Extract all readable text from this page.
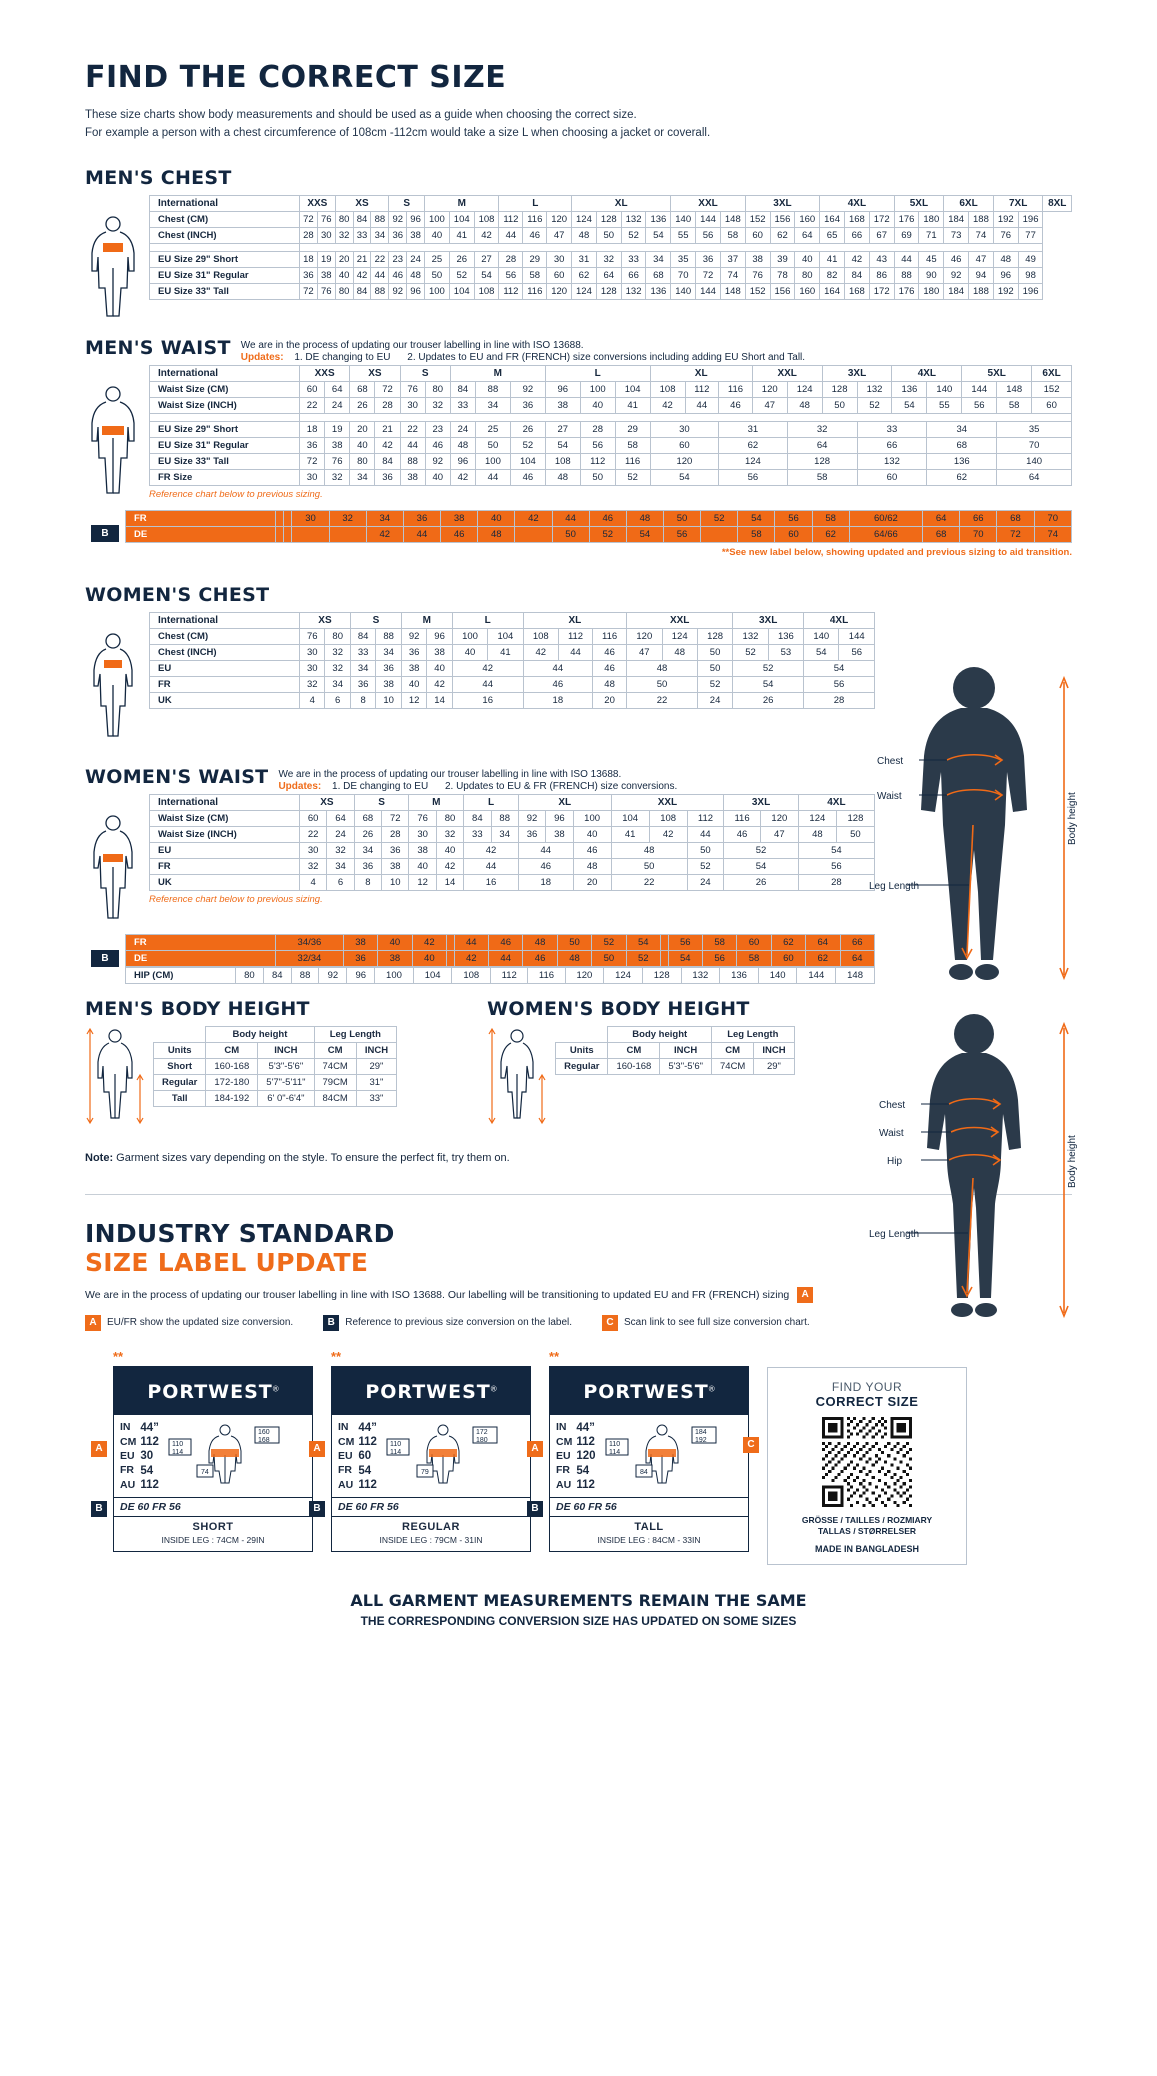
FIND THE CORRECT SIZE
These size charts show body measurements and should be used as a guide when choosing the correct size.
For example a person with a chest circumference of 108cm -112cm would take a size L when choosing a jacket or coverall.
MEN'S CHEST
International	XXS		XS			S		M			L			XL				XXL			3XL			4XL			5XL		6XL		7XL		8XL
Chest (CM)	72	76	80	84	88	92	96	100	104	108	112	116	120	124	128	132	136	140	144	148	152	156	160	164	168	172	176	180	184	188	192	196	
Chest (INCH)	28	30	32	33	34	36	38	40	41	42	44	46	47	48	50	52	54	55	56	58	60	62	64	65	66	67	69	71	73	74	76	77	

EU Size 29" Short	18	19	20	21	22	23	24	25	26	27	28	29	30	31	32	33	34	35	36	37	38	39	40	41	42	43	44	45	46	47	48	49	
EU Size 31" Regular	36	38	40	42	44	46	48	50	52	54	56	58	60	62	64	66	68	70	72	74	76	78	80	82	84	86	88	90	92	94	96	98	
EU Size 33" Tall	72	76	80	84	88	92	96	100	104	108	112	116	120	124	128	132	136	140	144	148	152	156	160	164	168	172	176	180	184	188	192	196	
MEN'S WAIST We are in the process of updating our trouser labelling in line with ISO 13688.
Updates: 1. DE changing to EU 2. Updates to EU and FR (FRENCH) size conversions including adding EU Short and Tall.
International	XXS		XS		S		M			L			XL			XXL		3XL		4XL		5XL		6XL
Waist Size (CM)	60	64	68	72	76	80	84	88	92	96	100	104	108	112	116	120	124	128	132	136	140	144	148	152
Waist Size (INCH)	22	24	26	28	30	32	33	34	36	38	40	41	42	44	46	47	48	50	52	54	55	56	58	60

EU Size 29" Short	18	19	20	21	22	23	24	25	26	27	28	29	30		31		32		33		34		35	
EU Size 31" Regular	36	38	40	42	44	46	48	50	52	54	56	58	60		62		64		66		68		70	
EU Size 33" Tall	72	76	80	84	88	92	96	100	104	108	112	116	120		124		128		132		136		140	
FR Size	30	32	34	36	38	40	42	44	46	48	50	52	54		56		58		60		62		64	
Reference chart below to previous sizing.
B
FR			30	32	34	36	38	40	42	44	46	48	50	52	54	56	58	60/62	64	66	68	70
DE					42	44	46	48		50	52	54	56		58	60	62	64/66	68	70	72	74
**See new label below, showing updated and previous sizing to aid transition.
WOMEN'S CHEST
International	XS		S		M		L		XL			XXL			3XL		4XL	
Chest (CM)	76	80	84	88	92	96	100	104	108	112	116	120	124	128	132	136	140	144
Chest (INCH)	30	32	33	34	36	38	40	41	42	44	46	47	48	50	52	53	54	56
EU	30	32	34	36	38	40	42		44		46	48		50	52		54	
FR	32	34	36	38	40	42	44		46		48	50		52	54		56	
UK	4	6	8	10	12	14	16		18		20	22		24	26		28	
WOMEN'S WAIST We are in the process of updating our trouser labelling in line with ISO 13688.
Updates: 1. DE changing to EU 2. Updates to EU & FR (FRENCH) size conversions.
International	XS		S		M		L		XL			XXL			3XL		4XL	
Waist Size (CM)	60	64	68	72	76	80	84	88	92	96	100	104	108	112	116	120	124	128
Waist Size (INCH)	22	24	26	28	30	32	33	34	36	38	40	41	42	44	46	47	48	50
EU	30	32	34	36	38	40	42		44		46	48		50	52		54	
FR	32	34	36	38	40	42	44		46		48	50		52	54		56	
UK	4	6	8	10	12	14	16		18		20	22		24	26		28	
Reference chart below to previous sizing.
B
FR	34/36	38	40	42		44	46	48	50	52	54		56	58	60	62	64	66
DE	32/34	36	38	40		42	44	46	48	50	52		54	56	58	60	62	64
HIP (CM)	80	84	88	92	96	100	104	108	112	116	120	124	128	132	136	140	144	148
MEN'S BODY HEIGHT
	Body height		Leg Length	
Units	CM	INCH	CM	INCH
Short	160-168	5'3"-5'6"	74CM	29"
Regular	172-180	5'7"-5'11"	79CM	31"
Tall	184-192	6' 0"-6'4"	84CM	33"
WOMEN'S BODY HEIGHT
	Body height		Leg Length	
Units	CM	INCH	CM	INCH
Regular	160-168	5'3"-5'6"	74CM	29"
Note: Garment sizes vary depending on the style. To ensure the perfect fit, try them on.
Chest
Waist
Leg Length
Body height
Chest
Waist
Hip
Leg Length
Body height
INDUSTRY STANDARD
SIZE LABEL UPDATE
We are in the process of updating our trouser labelling in line with ISO 13688. Our labelling will be transitioning to updated EU and FR (FRENCH) sizing A
A	EU/FR show the updated size conversion.	B	Reference to previous size conversion on the label.	C	Scan link to see full size conversion chart.
**
PORTWEST®
IN	44”
CM	112
EU	30
FR	54
AU	112
110
114
160
168
74
DE 60 FR 56
SHORT
INSIDE LEG : 74CM - 29IN
A
B
**
PORTWEST®
IN	44”
CM	112
EU	60
FR	54
AU	112
110
114
172
180
79
DE 60 FR 56
REGULAR
INSIDE LEG : 79CM - 31IN
A
B
**
PORTWEST®
IN	44”
CM	112
EU	120
FR	54
AU	112
110
114
184
192
84
DE 60 FR 56
TALL
INSIDE LEG : 84CM - 33IN
A
B
C
FIND YOUR
CORRECT SIZE
GRÖSSE / TAILLES / ROZMIARY
TALLAS / STØRRELSER
MADE IN BANGLADESH
ALL GARMENT MEASUREMENTS REMAIN THE SAME
THE CORRESPONDING CONVERSION SIZE HAS UPDATED ON SOME SIZES
